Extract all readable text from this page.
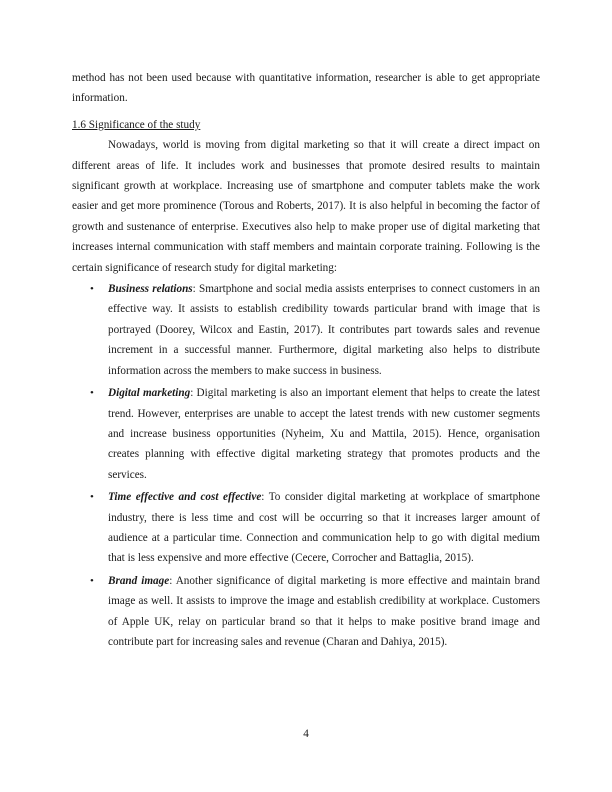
method has not been used because with quantitative information, researcher is able to get appropriate information.

1.6 Significance of the study

Nowadays, world is moving from digital marketing so that it will create a direct impact on different areas of life. It includes work and businesses that promote desired results to maintain significant growth at workplace. Increasing use of smartphone and computer tablets make the work easier and get more prominence (Torous and Roberts, 2017). It is also helpful in becoming the factor of growth and sustenance of enterprise. Executives also help to make proper use of digital marketing that increases internal communication with staff members and maintain corporate training. Following is the certain significance of research study for digital marketing:

• Business relations: Smartphone and social media assists enterprises to connect customers in an effective way. It assists to establish credibility towards particular brand with image that is portrayed (Doorey, Wilcox and Eastin, 2017). It contributes part towards sales and revenue increment in a successful manner. Furthermore, digital marketing also helps to distribute information across the members to make success in business.

• Digital marketing: Digital marketing is also an important element that helps to create the latest trend. However, enterprises are unable to accept the latest trends with new customer segments and increase business opportunities (Nyheim, Xu and Mattila, 2015). Hence, organisation creates planning with effective digital marketing strategy that promotes products and the services.

• Time effective and cost effective: To consider digital marketing at workplace of smartphone industry, there is less time and cost will be occurring so that it increases larger amount of audience at a particular time. Connection and communication help to go with digital medium that is less expensive and more effective (Cecere, Corrocher and Battaglia, 2015).

• Brand image: Another significance of digital marketing is more effective and maintain brand image as well. It assists to improve the image and establish credibility at workplace. Customers of Apple UK, relay on particular brand so that it helps to make positive brand image and contribute part for increasing sales and revenue (Charan and Dahiya, 2015).

4
